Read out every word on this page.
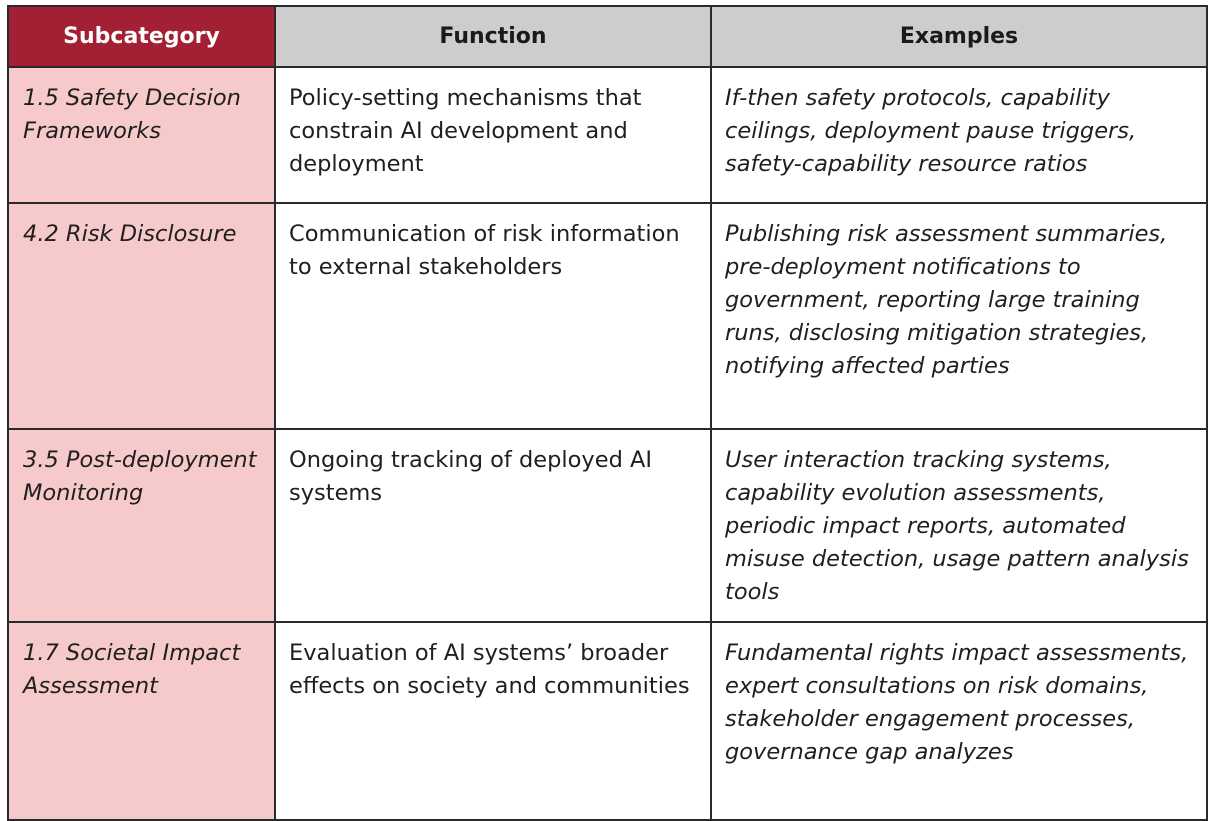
Subcategory	Function	Examples
1.5 Safety Decision Frameworks	Policy-setting mechanisms that constrain AI development and deployment	If-then safety protocols, capability ceilings, deployment pause triggers, safety-capability resource ratios
4.2 Risk Disclosure	Communication of risk information to external stakeholders	Publishing risk assessment summaries, pre-deployment notifications to government, reporting large training runs, disclosing mitigation strategies, notifying affected parties
3.5 Post-deployment Monitoring	Ongoing tracking of deployed AI systems	User interaction tracking systems, capability evolution assessments, periodic impact reports, automated misuse detection, usage pattern analysis tools
1.7 Societal Impact Assessment	Evaluation of AI systems’ broader effects on society and communities	Fundamental rights impact assessments, expert consultations on risk domains, stakeholder engagement processes, governance gap analyzes
